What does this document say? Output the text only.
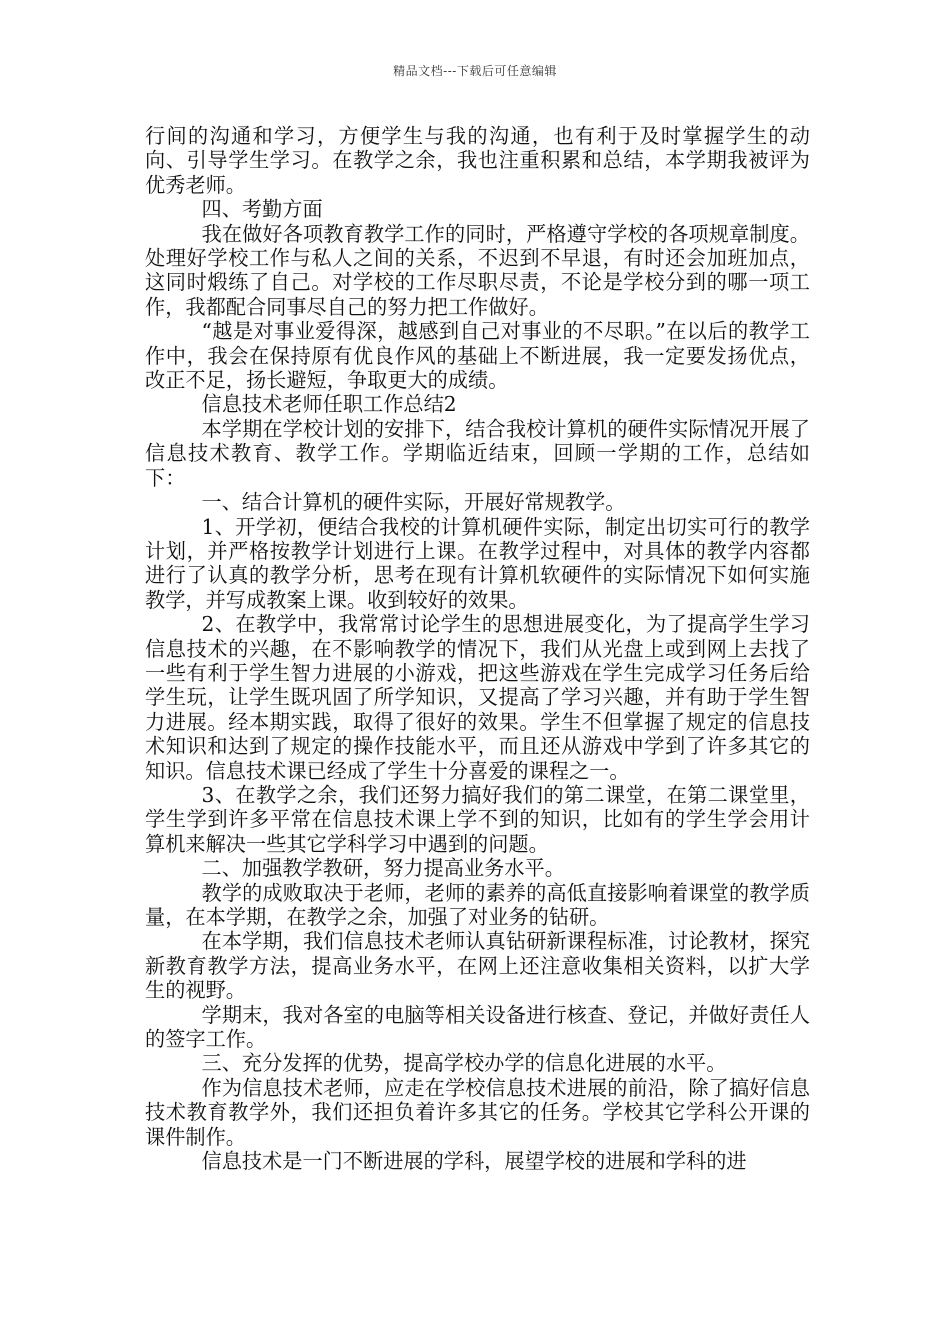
精品文档---下载后可任意编辑

行间的沟通和学习，方便学生与我的沟通，也有利于及时掌握学生的动向、引导学生学习。在教学之余，我也注重积累和总结，本学期我被评为优秀老师。

四、考勤方面

我在做好各项教育教学工作的同时，严格遵守学校的各项规章制度。处理好学校工作与私人之间的关系，不迟到不早退，有时还会加班加点，这同时煅练了自己。对学校的工作尽职尽责，不论是学校分到的哪一项工作，我都配合同事尽自己的努力把工作做好。

“越是对事业爱得深，越感到自己对事业的不尽职。”在以后的教学工作中，我会在保持原有优良作风的基础上不断进展，我一定要发扬优点，改正不足，扬长避短，争取更大的成绩。

信息技术老师任职工作总结2

本学期在学校计划的安排下，结合我校计算机的硬件实际情况开展了信息技术教育、教学工作。学期临近结束，回顾一学期的工作，总结如下：

一、结合计算机的硬件实际，开展好常规教学。

1、开学初，便结合我校的计算机硬件实际，制定出切实可行的教学计划，并严格按教学计划进行上课。在教学过程中，对具体的教学内容都进行了认真的教学分析，思考在现有计算机软硬件的实际情况下如何实施教学，并写成教案上课。收到较好的效果。

2、在教学中，我常常讨论学生的思想进展变化，为了提高学生学习信息技术的兴趣，在不影响教学的情况下，我们从光盘上或到网上去找了一些有利于学生智力进展的小游戏，把这些游戏在学生完成学习任务后给学生玩，让学生既巩固了所学知识，又提高了学习兴趣，并有助于学生智力进展。经本期实践，取得了很好的效果。学生不但掌握了规定的信息技术知识和达到了规定的操作技能水平，而且还从游戏中学到了许多其它的知识。信息技术课已经成了学生十分喜爱的课程之一。

3、在教学之余，我们还努力搞好我们的第二课堂，在第二课堂里，学生学到许多平常在信息技术课上学不到的知识，比如有的学生学会用计算机来解决一些其它学科学习中遇到的问题。

二、加强教学教研，努力提高业务水平。

教学的成败取决于老师，老师的素养的高低直接影响着课堂的教学质量，在本学期，在教学之余，加强了对业务的钻研。

在本学期，我们信息技术老师认真钻研新课程标准，讨论教材，探究新教育教学方法，提高业务水平，在网上还注意收集相关资料，以扩大学生的视野。

学期末，我对各室的电脑等相关设备进行核查、登记，并做好责任人的签字工作。

三、充分发挥的优势，提高学校办学的信息化进展的水平。

作为信息技术老师，应走在学校信息技术进展的前沿，除了搞好信息技术教育教学外，我们还担负着许多其它的任务。学校其它学科公开课的课件制作。

信息技术是一门不断进展的学科，展望学校的进展和学科的进
